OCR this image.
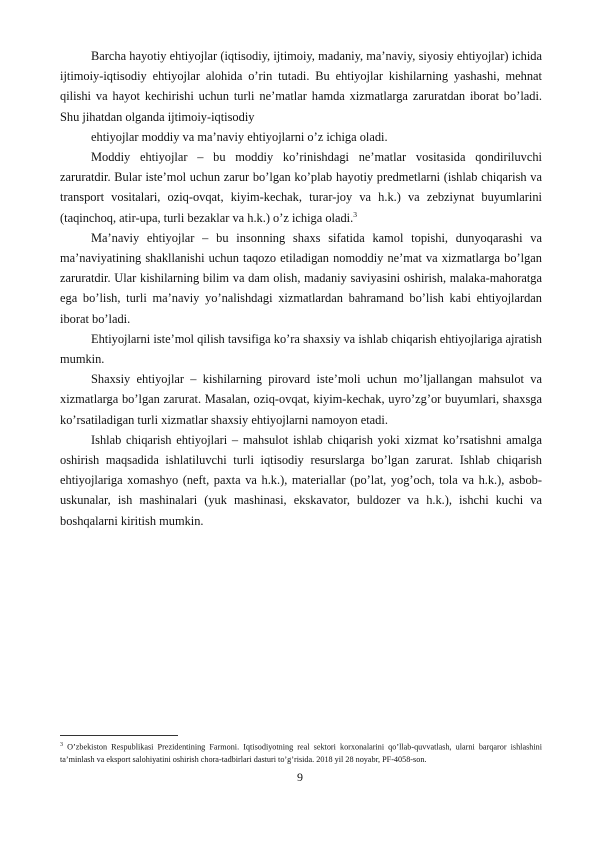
Barcha hayotiy ehtiyojlar (iqtisodiy, ijtimoiy, madaniy, ma’naviy, siyosiy ehtiyojlar) ichida ijtimoiy-iqtisodiy ehtiyojlar alohida o’rin tutadi. Bu ehtiyojlar kishilarning yashashi, mehnat qilishi va hayot kechirishi uchun turli ne’matlar hamda xizmatlarga zaruratdan iborat bo’ladi. Shu jihatdan olganda ijtimoiy-iqtisodiy

ehtiyojlar moddiy va ma’naviy ehtiyojlarni o’z ichiga oladi.

Moddiy ehtiyojlar – bu moddiy ko’rinishdagi ne’matlar vositasida qondiriluvchi zaruratdir. Bular iste’mol uchun zarur bo’lgan ko’plab hayotiy predmetlarni (ishlab chiqarish va transport vositalari, oziq-ovqat, kiyim-kechak, turar-joy va h.k.) va zebziynat buyumlarini (taqinchoq, atir-upa, turli bezaklar va h.k.) o’z ichiga oladi.$^3$

Ma’naviy ehtiyojlar – bu insonning shaxs sifatida kamol topishi, dunyoqarashi va ma’naviyatining shakllanishi uchun taqozo etiladigan nomoddiy ne’mat va xizmatlarga bo’lgan zaruratdir. Ular kishilarning bilim va dam olish, madaniy saviyasini oshirish, malaka-mahoratga ega bo’lish, turli ma’naviy yo’nalishdagi xizmatlardan bahramand bo’lish kabi ehtiyojlardan iborat bo’ladi.

Ehtiyojlarni iste’mol qilish tavsifiga ko’ra shaxsiy va ishlab chiqarish ehtiyojlariga ajratish mumkin.

Shaxsiy ehtiyojlar – kishilarning pirovard iste’moli uchun mo’ljallangan mahsulot va xizmatlarga bo’lgan zarurat. Masalan, oziq-ovqat, kiyim-kechak, uyro’zg’or buyumlari, shaxsga ko’rsatiladigan turli xizmatlar shaxsiy ehtiyojlarni namoyon etadi.

Ishlab chiqarish ehtiyojlari – mahsulot ishlab chiqarish yoki xizmat ko’rsatishni amalga oshirish maqsadida ishlatiluvchi turli iqtisodiy resurslarga bo’lgan zarurat. Ishlab chiqarish ehtiyojlariga xomashyo (neft, paxta va h.k.), materiallar (po’lat, yog’och, tola va h.k.), asbob-uskunalar, ish mashinalari (yuk mashinasi, ekskavator, buldozer va h.k.), ishchi kuchi va boshqalarni kiritish mumkin.

$^3$ O’zbekiston Respublikasi Prezidentining Farmoni. Iqtisodiyotning real sektori korxonalarini qo’llab-quvvatlash, ularni barqaror ishlashini ta’minlash va eksport salohiyatini oshirish chora-tadbirlari dasturi to’g’risida. 2018 yil 28 noyabr, PF-4058-son.
9
